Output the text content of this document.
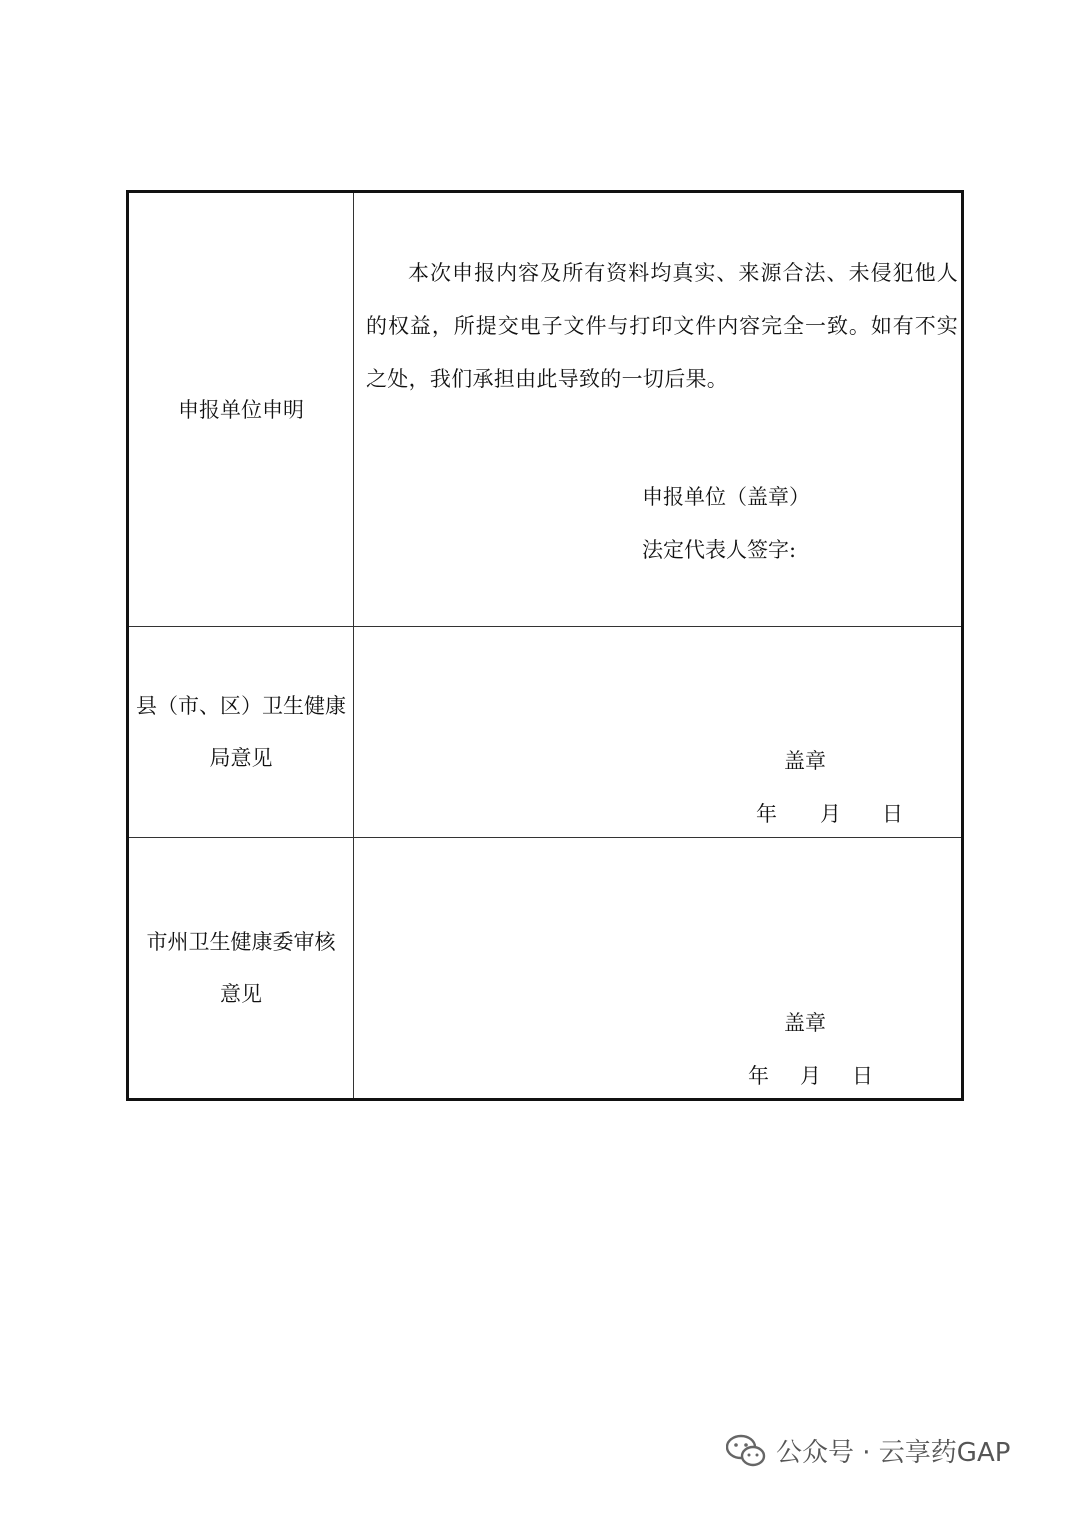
申报单位申明

本次申报内容及所有资料均真实、来源合法、未侵犯他人的权益，所提交电子文件与打印文件内容完全一致。如有不实之处，我们承担由此导致的一切后果。

申报单位（盖章）
法定代表人签字:
县（市、区）卫生健康
局意见	盖章
年 月 日
市州卫生健康委审核
意见
盖章
年 月 日
公众号 · 云享药GAP
